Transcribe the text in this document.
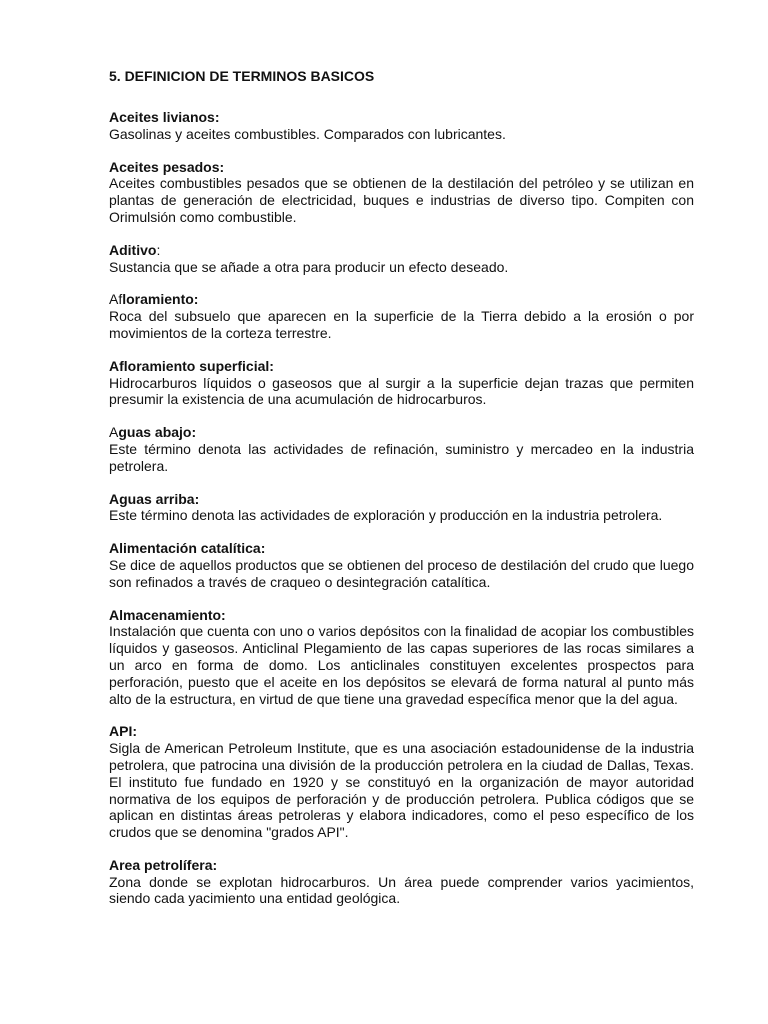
5. DEFINICION DE TERMINOS BASICOS

Aceites livianos:

Gasolinas y aceites combustibles. Comparados con lubricantes.

Aceites pesados:

Aceites combustibles pesados que se obtienen de la destilación del petróleo y se utilizan en plantas de generación de electricidad, buques e industrias de diverso tipo. Compiten con Orimulsión como combustible.

Aditivo:

Sustancia que se añade a otra para producir un efecto deseado.

Afloramiento:

Roca del subsuelo que aparecen en la superficie de la Tierra debido a la erosión o por movimientos de la corteza terrestre.

Afloramiento superficial:

Hidrocarburos líquidos o gaseosos que al surgir a la superficie dejan trazas que permiten presumir la existencia de una acumulación de hidrocarburos.

Aguas abajo:

Este término denota las actividades de refinación, suministro y mercadeo en la industria petrolera.

Aguas arriba:

Este término denota las actividades de exploración y producción en la industria petrolera.

Alimentación catalítica:

Se dice de aquellos productos que se obtienen del proceso de destilación del crudo que luego son refinados a través de craqueo o desintegración catalítica.

Almacenamiento:

Instalación que cuenta con uno o varios depósitos con la finalidad de acopiar los combustibles líquidos y gaseosos. Anticlinal Plegamiento de las capas superiores de las rocas similares a un arco en forma de domo. Los anticlinales constituyen excelentes prospectos para perforación, puesto que el aceite en los depósitos se elevará de forma natural al punto más alto de la estructura, en virtud de que tiene una gravedad específica menor que la del agua.

API:

Sigla de American Petroleum Institute, que es una asociación estadounidense de la industria petrolera, que patrocina una división de la producción petrolera en la ciudad de Dallas, Texas. El instituto fue fundado en 1920 y se constituyó en la organización de mayor autoridad normativa de los equipos de perforación y de producción petrolera. Publica códigos que se aplican en distintas áreas petroleras y elabora indicadores, como el peso específico de los crudos que se denomina "grados API".

Area petrolífera:

Zona donde se explotan hidrocarburos. Un área puede comprender varios yacimientos, siendo cada yacimiento una entidad geológica.
